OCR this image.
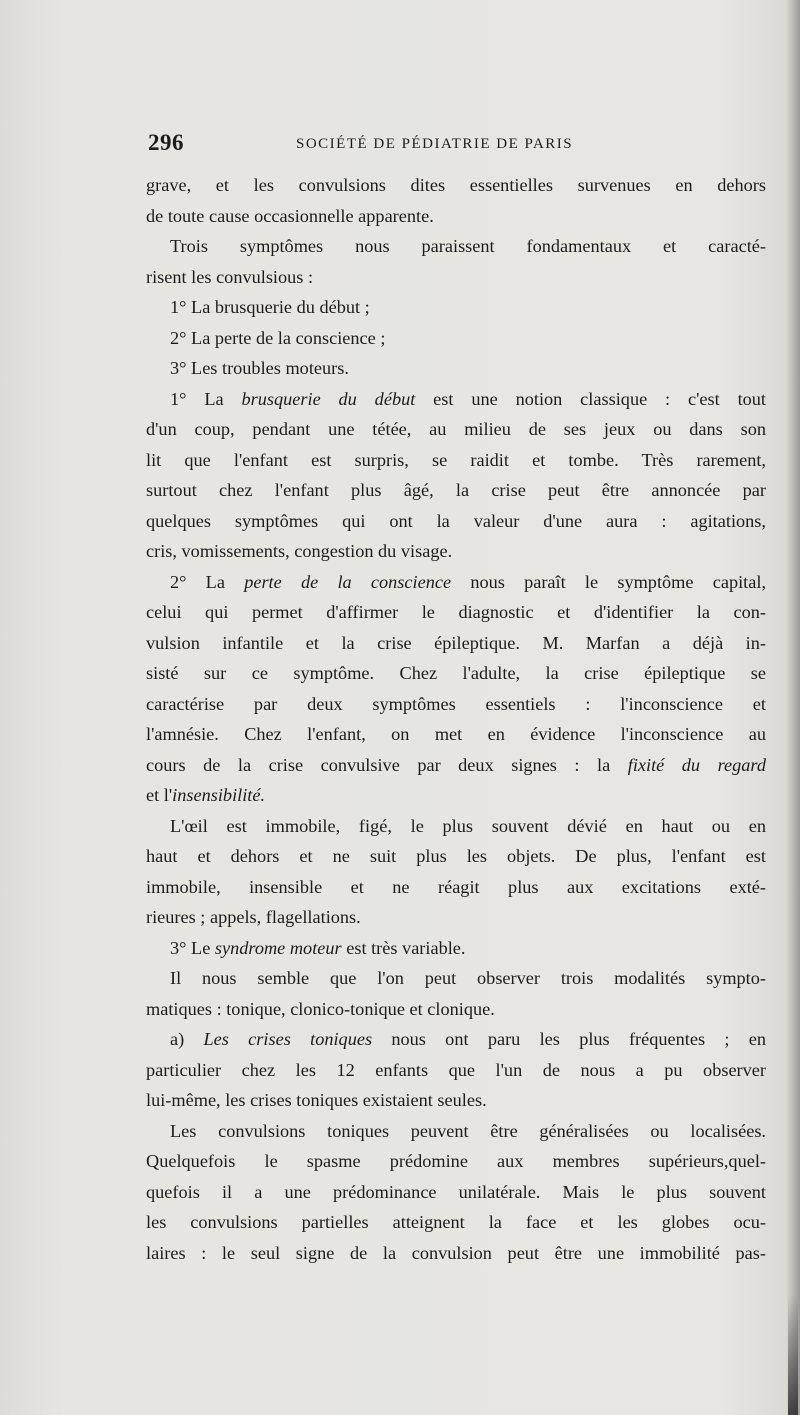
296	SOCIÉTÉ DE PÉDIATRIE DE PARIS
grave, et les convulsions dites essentielles survenues en dehors
de toute cause occasionnelle apparente.
Trois symptômes nous paraissent fondamentaux et caracté-
risent les convulsious :
1° La brusquerie du début ;
2° La perte de la conscience ;
3° Les troubles moteurs.
1° La brusquerie du début est une notion classique : c'est tout
d'un coup, pendant une tétée, au milieu de ses jeux ou dans son
lit que l'enfant est surpris, se raidit et tombe. Très rarement,
surtout chez l'enfant plus âgé, la crise peut être annoncée par
quelques symptômes qui ont la valeur d'une aura : agitations,
cris, vomissements, congestion du visage.
2° La perte de la conscience nous paraît le symptôme capital,
celui qui permet d'affirmer le diagnostic et d'identifier la con-
vulsion infantile et la crise épileptique. M. Marfan a déjà in-
sisté sur ce symptôme. Chez l'adulte, la crise épileptique se
caractérise par deux symptômes essentiels : l'inconscience et
l'amnésie. Chez l'enfant, on met en évidence l'inconscience au
cours de la crise convulsive par deux signes : la fixité du regard
et l'insensibilité.
L'œil est immobile, figé, le plus souvent dévié en haut ou en
haut et dehors et ne suit plus les objets. De plus, l'enfant est
immobile, insensible et ne réagit plus aux excitations exté-
rieures ; appels, flagellations.
3° Le syndrome moteur est très variable.
Il nous semble que l'on peut observer trois modalités sympto-
matiques : tonique, clonico-tonique et clonique.
a) Les crises toniques nous ont paru les plus fréquentes ; en
particulier chez les 12 enfants que l'un de nous a pu observer
lui-même, les crises toniques existaient seules.
Les convulsions toniques peuvent être généralisées ou localisées.
Quelquefois le spasme prédomine aux membres supérieurs,quel-
quefois il a une prédominance unilatérale. Mais le plus souvent
les convulsions partielles atteignent la face et les globes ocu-
laires : le seul signe de la convulsion peut être une immobilité pas-
